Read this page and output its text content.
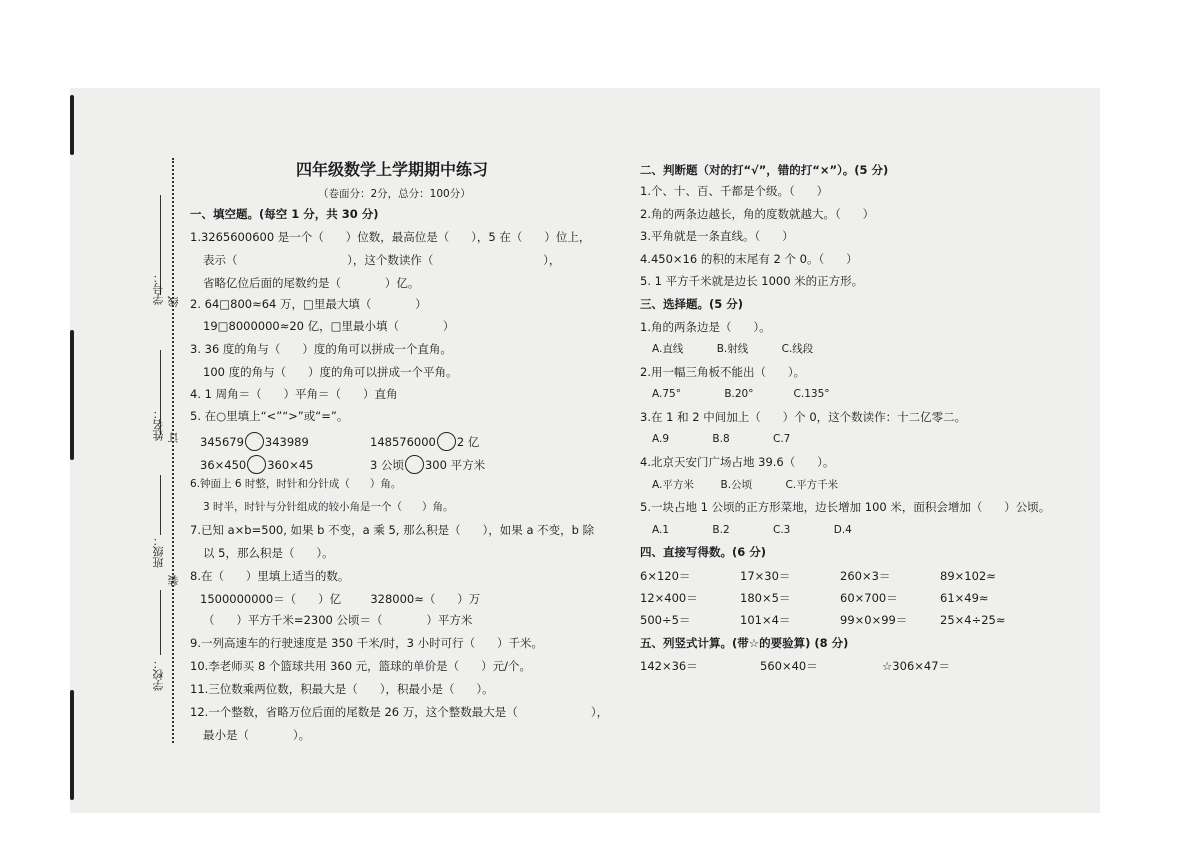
学号： 线
姓名： 订
班级：
装
学校：
四年级数学上学期期中练习
（卷面分：2分，总分：100分）
一、填空题。(每空 1 分，共 30 分)
1.3265600600 是一个（      ）位数，最高位是（      ），5 在（      ）位上，
表示（                              ），这个数读作（                              ），
省略亿位后面的尾数约是（            ）亿。
2. 64□800≈64 万，□里最大填（            ）
19□8000000≈20 亿，□里最小填（            ）
3. 36 度的角与（      ）度的角可以拼成一个直角。
100 度的角与（      ）度的角可以拼成一个平角。
4. 1 周角＝（      ）平角＝（      ）直角
5. 在○里填上“<”“>”或“=”。
345679 343989	148576000 2 亿
36×450 360×45	3 公顷 300 平方米
6.钟面上 6 时整，时针和分针成（      ）角。
3 时半，时针与分针组成的较小角是一个（      ）角。
7.已知 a×b=500, 如果 b 不变，a 乘 5, 那么积是（      ），如果 a 不变，b 除
以 5，那么积是（      ）。
8.在（      ）里填上适当的数。
1500000000＝（      ）亿        328000≈（      ）万
（      ）平方千米=2300 公顷＝（            ）平方米
9.一列高速车的行驶速度是 350 千米/时，3 小时可行（      ）千米。
10.李老师买 8 个篮球共用 360 元，篮球的单价是（      ）元/个。
11.三位数乘两位数，积最大是（      ），积最小是（      ）。
12.一个整数，省略万位后面的尾数是 26 万，这个整数最大是（                    ），
最小是（            ）。
二、判断题（对的打“√”，错的打“×”）。(5 分)
1.个、十、百、千都是个级。（      ）
2.角的两条边越长，角的度数就越大。（      ）
3.平角就是一条直线。（      ）
4.450×16 的积的末尾有 2 个 0。（      ）
5. 1 平方千米就是边长 1000 米的正方形。
三、选择题。(5 分)
1.角的两条边是（      ）。
A.直线          B.射线          C.线段
2.用一幅三角板不能出（      ）。
A.75°             B.20°            C.135°
3.在 1 和 2 中间加上（      ）个 0，这个数读作：十二亿零二。
A.9             B.8             C.7
4.北京天安门广场占地 39.6（      ）。
A.平方米        B.公顷          C.平方千米
5.一块占地 1 公顷的正方形菜地，边长增加 100 米，面积会增加（      ）公顷。
A.1             B.2             C.3             D.4
四、直接写得数。(6 分)
6×120＝	17×30＝	260×3＝	89×102≈
12×400＝	180×5＝	60×700＝	61×49≈
500÷5＝	101×4＝	99×0×99＝	25×4÷25≈
五、列竖式计算。(带☆的要验算) (8 分)
142×36＝	560×40＝	☆306×47＝
